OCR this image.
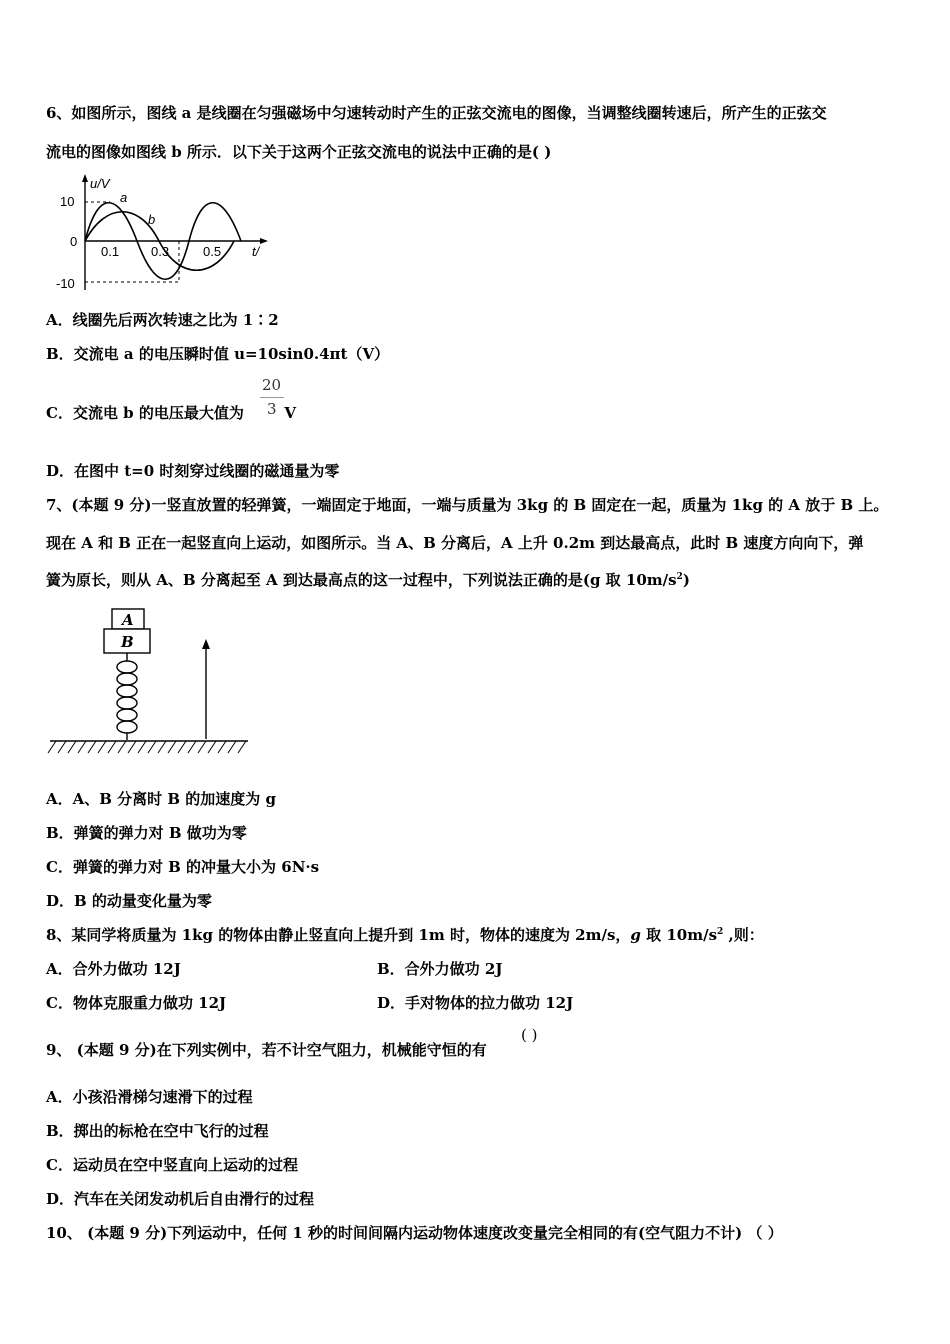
6、如图所示，图线 a 是线圈在匀强磁场中匀速转动时产生的正弦交流电的图像，当调整线圈转速后，所产生的正弦交
流电的图像如图线 b 所示．以下关于这两个正弦交流电的说法中正确的是( )
u/V
t/
10
0
-10
0.1 0.3	0.5
a
b
A．线圈先后两次转速之比为 1∶2
B．交流电 a 的电压瞬时值 u=10sin0.4πt（V）
C．交流电 b 的电压最大值为	V
20
3
D．在图中 t=0 时刻穿过线圈的磁通量为零
7、(本题 9 分)一竖直放置的轻弹簧，一端固定于地面，一端与质量为 3kg 的 B 固定在一起，质量为 1kg 的 A 放于 B 上。
现在 A 和 B 正在一起竖直向上运动，如图所示。当 A、B 分离后，A 上升 0.2m 到达最高点，此时 B 速度方向向下，弹
簧为原长，则从 A、B 分离起至 A 到达最高点的这一过程中，下列说法正确的是(g 取 $10m/s^2$)
A
B
A．A、B 分离时 B 的加速度为 g
B．弹簧的弹力对 B 做功为零
C．弹簧的弹力对 B 的冲量大小为 6N·s
D．B 的动量变化量为零
8、某同学将质量为 1kg 的物体由静止竖直向上提升到 1m 时，物体的速度为 2m/s，g 取 $10m/s^2$ ,则：
A．合外力做功 12J	B．合外力做功 2J
C．物体克服重力做功 12J	D．手对物体的拉力做功 12J
9、 (本题 9 分)在下列实例中，若不计空气阻力，机械能守恒的有
( )
A．小孩沿滑梯匀速滑下的过程
B．掷出的标枪在空中飞行的过程
C．运动员在空中竖直向上运动的过程
D．汽车在关闭发动机后自由滑行的过程
10、 (本题 9 分)下列运动中，任何 1 秒的时间间隔内运动物体速度改变量完全相同的有(空气阻力不计) （ ）
